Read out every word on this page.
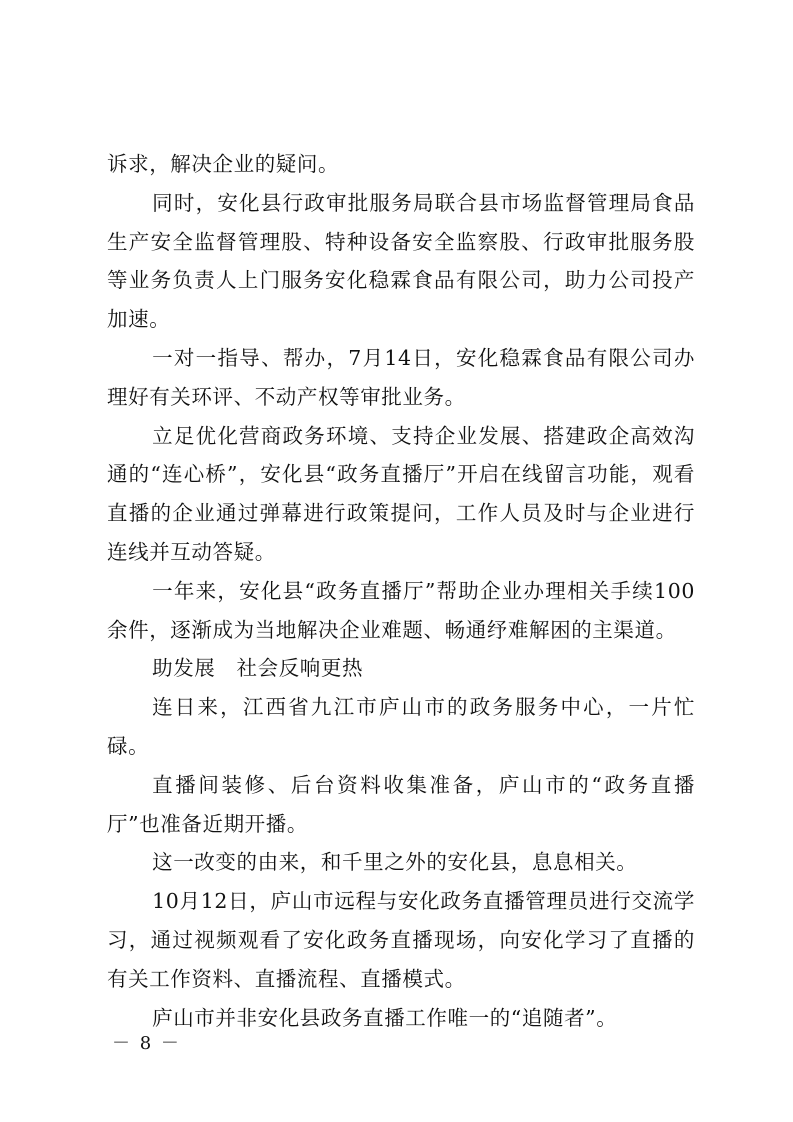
诉求，解决企业的疑问。

同时，安化县行政审批服务局联合县市场监督管理局食品生产安全监督管理股、特种设备安全监察股、行政审批服务股等业务负责人上门服务安化稳霖食品有限公司，助力公司投产加速。

一对一指导、帮办，7月14日，安化稳霖食品有限公司办理好有关环评、不动产权等审批业务。

立足优化营商政务环境、支持企业发展、搭建政企高效沟通的“连心桥”，安化县“政务直播厅”开启在线留言功能，观看直播的企业通过弹幕进行政策提问，工作人员及时与企业进行连线并互动答疑。

一年来，安化县“政务直播厅”帮助企业办理相关手续100余件，逐渐成为当地解决企业难题、畅通纾难解困的主渠道。

助发展　社会反响更热

连日来，江西省九江市庐山市的政务服务中心，一片忙碌。

直播间装修、后台资料收集准备，庐山市的“政务直播厅”也准备近期开播。

这一改变的由来，和千里之外的安化县，息息相关。

10月12日，庐山市远程与安化政务直播管理员进行交流学习，通过视频观看了安化政务直播现场，向安化学习了直播的有关工作资料、直播流程、直播模式。

庐山市并非安化县政务直播工作唯一的“追随者”。

－ 8 －
